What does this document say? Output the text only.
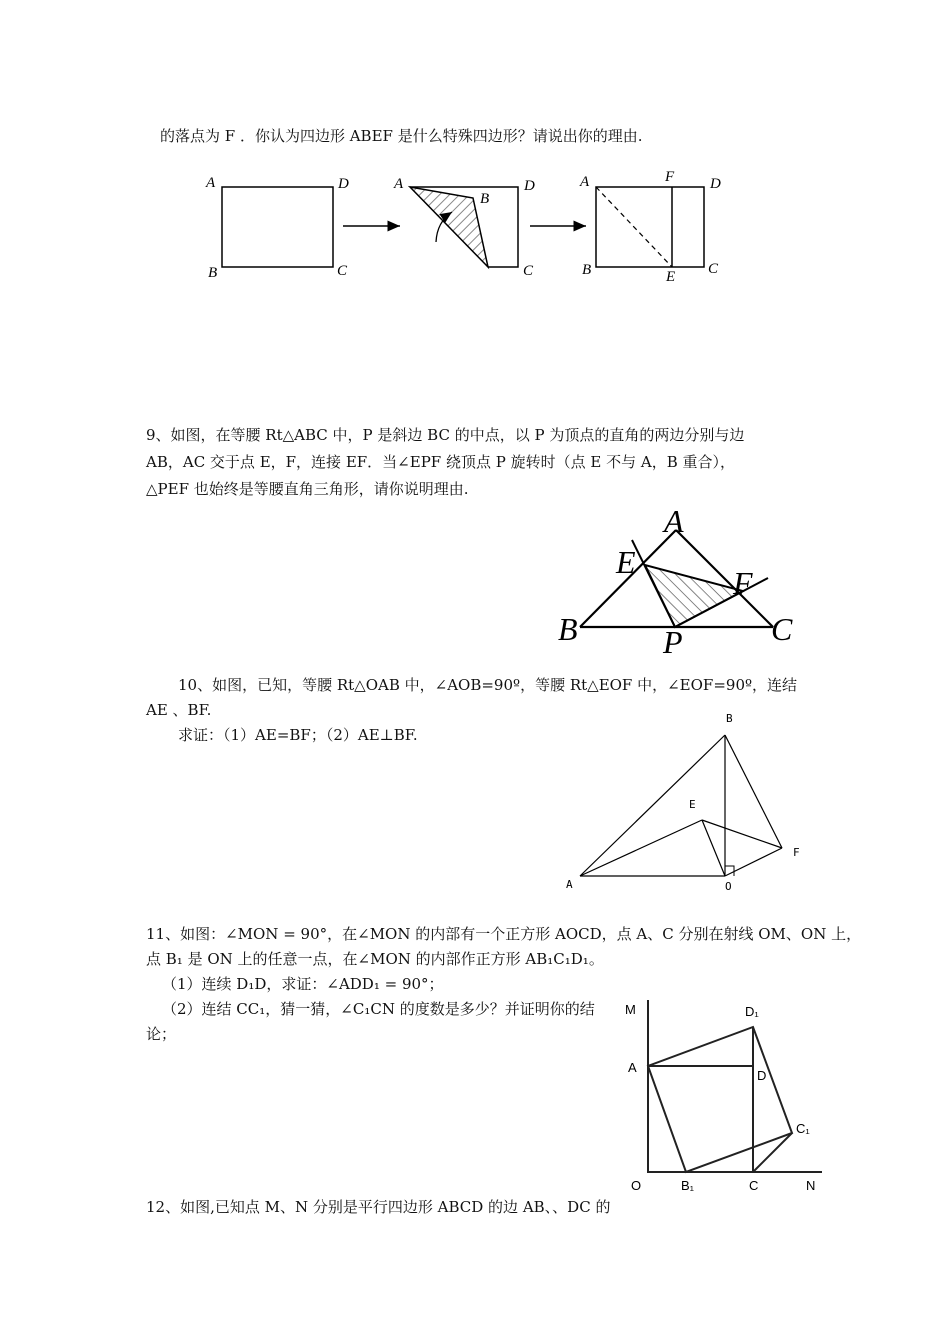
的落点为 F ．你认为四边形 ABEF 是什么特殊四边形？请说出你的理由.
A	D
B	C
A
B
D
C
A	F D
B	E C
9、如图，在等腰 Rt△ABC 中，P 是斜边 BC 的中点，以 P 为顶点的直角的两边分别与边
AB，AC 交于点 E，F，连接 EF．当∠EPF 绕顶点 P 旋转时（点 E 不与 A，B 重合），
△PEF 也始终是等腰直角三角形，请你说明理由.
A
E
F
B	P	C
10、如图，已知，等腰 Rt△OAB 中，∠AOB=90º，等腰 Rt△EOF 中，∠EOF=90º，连结
AE 、BF.
求证：（1）AE=BF；（2）AE⊥BF.
B
E
F
A	O
11、如图：∠MON = 90°，在∠MON 的内部有一个正方形 AOCD，点 A、C 分别在射线 OM、ON 上，
点 B₁ 是 ON 上的任意一点，在∠MON 的内部作正方形 AB₁C₁D₁。
（1）连续 D₁D，求证：∠ADD₁ = 90°；
（2）连结 CC₁，猜一猜，∠C₁CN 的度数是多少？并证明你的结
论；
M	D₁
A
D
C₁
O	B₁	C	N
12、如图,已知点 M、N 分别是平行四边形 ABCD 的边 AB、、DC 的
